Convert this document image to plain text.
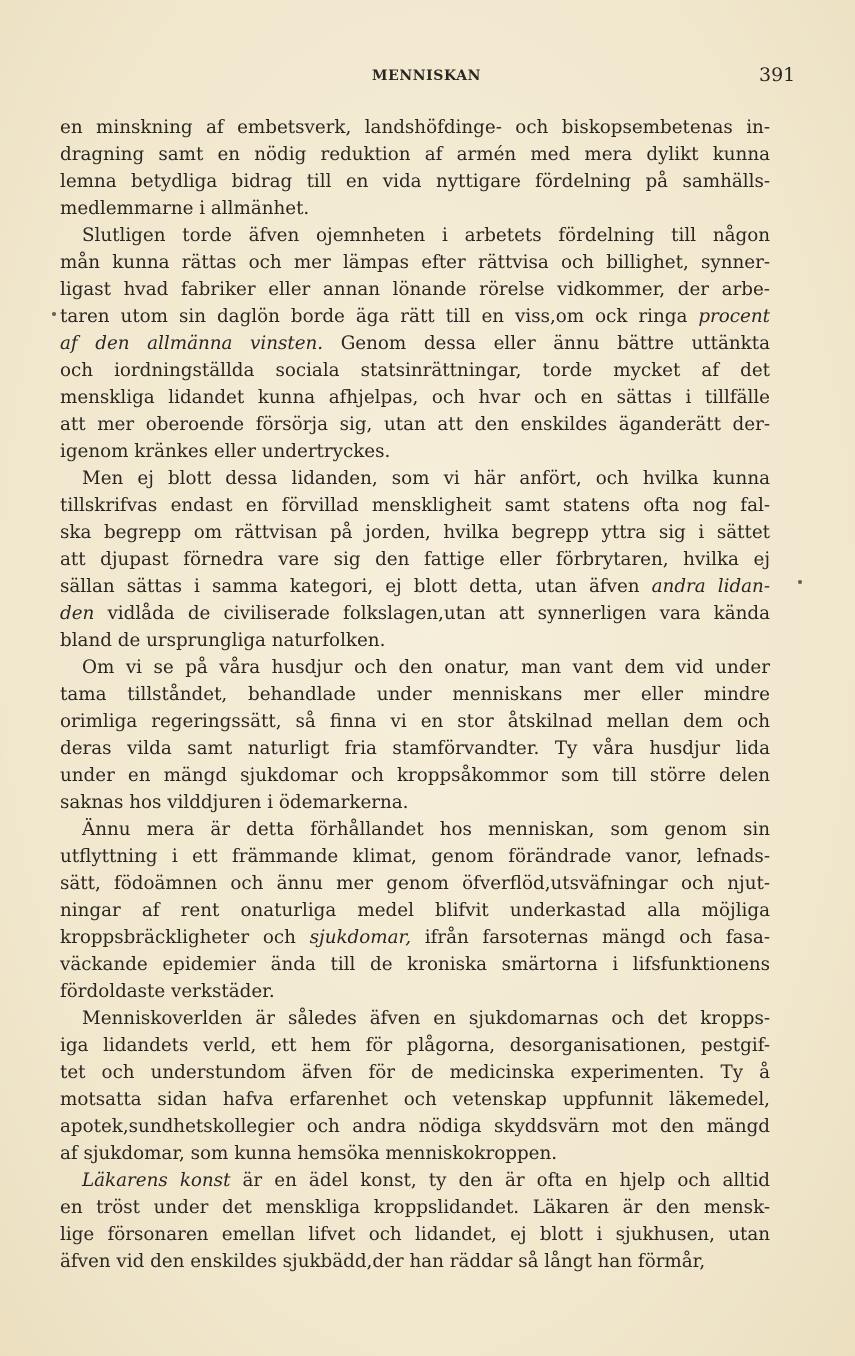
MENNISKAN	391
en minskning af embetsverk, landshöfdinge- och biskopsembetenas in-
dragning samt en nödig reduktion af armén med mera dylikt kunna
lemna betydliga bidrag till en vida nyttigare fördelning på samhälls-
medlemmarne i allmänhet.
Slutligen torde äfven ojemnheten i arbetets fördelning till någon
mån kunna rättas och mer lämpas efter rättvisa och billighet, synner-
ligast hvad fabriker eller annan lönande rörelse vidkommer, der arbe-
taren utom sin daglön borde äga rätt till en viss,om ock ringa procent
af den allmänna vinsten. Genom dessa eller ännu bättre uttänkta
och iordningställda sociala statsinrättningar, torde mycket af det
menskliga lidandet kunna afhjelpas, och hvar och en sättas i tillfälle
att mer oberoende försörja sig, utan att den enskildes äganderätt der-
igenom kränkes eller undertryckes.
Men ej blott dessa lidanden, som vi här anfört, och hvilka kunna
tillskrifvas endast en förvillad menskligheit samt statens ofta nog fal-
ska begrepp om rättvisan på jorden, hvilka begrepp yttra sig i sättet
att djupast förnedra vare sig den fattige eller förbrytaren, hvilka ej
sällan sättas i samma kategori, ej blott detta, utan äfven andra lidan-
den vidlåda de civiliserade folkslagen,utan att synnerligen vara kända
bland de ursprungliga naturfolken.
Om vi se på våra husdjur och den onatur, man vant dem vid under
tama tillståndet, behandlade under menniskans mer eller mindre
orimliga regeringssätt, så finna vi en stor åtskilnad mellan dem och
deras vilda samt naturligt fria stamförvandter. Ty våra husdjur lida
under en mängd sjukdomar och kroppsåkommor som till större delen
saknas hos vilddjuren i ödemarkerna.
Ännu mera är detta förhållandet hos menniskan, som genom sin
utflyttning i ett främmande klimat, genom förändrade vanor, lefnads-
sätt, födoämnen och ännu mer genom öfverflöd,utsväfningar och njut-
ningar af rent onaturliga medel blifvit underkastad alla möjliga
kroppsbräckligheter och sjukdomar, ifrån farsoternas mängd och fasa-
väckande epidemier ända till de kroniska smärtorna i lifsfunktionens
fördoldaste verkstäder.
Menniskoverlden är således äfven en sjukdomarnas och det kropps-
iga lidandets verld, ett hem för plågorna, desorganisationen, pestgif-
tet och understundom äfven för de medicinska experimenten. Ty å
motsatta sidan hafva erfarenhet och vetenskap uppfunnit läkemedel,
apotek,sundhetskollegier och andra nödiga skyddsvärn mot den mängd
af sjukdomar, som kunna hemsöka menniskokroppen.
Läkarens konst är en ädel konst, ty den är ofta en hjelp och alltid
en tröst under det menskliga kroppslidandet. Läkaren är den mensk-
lige försonaren emellan lifvet och lidandet, ej blott i sjukhusen, utan
äfven vid den enskildes sjukbädd,der han räddar så långt han förmår,
